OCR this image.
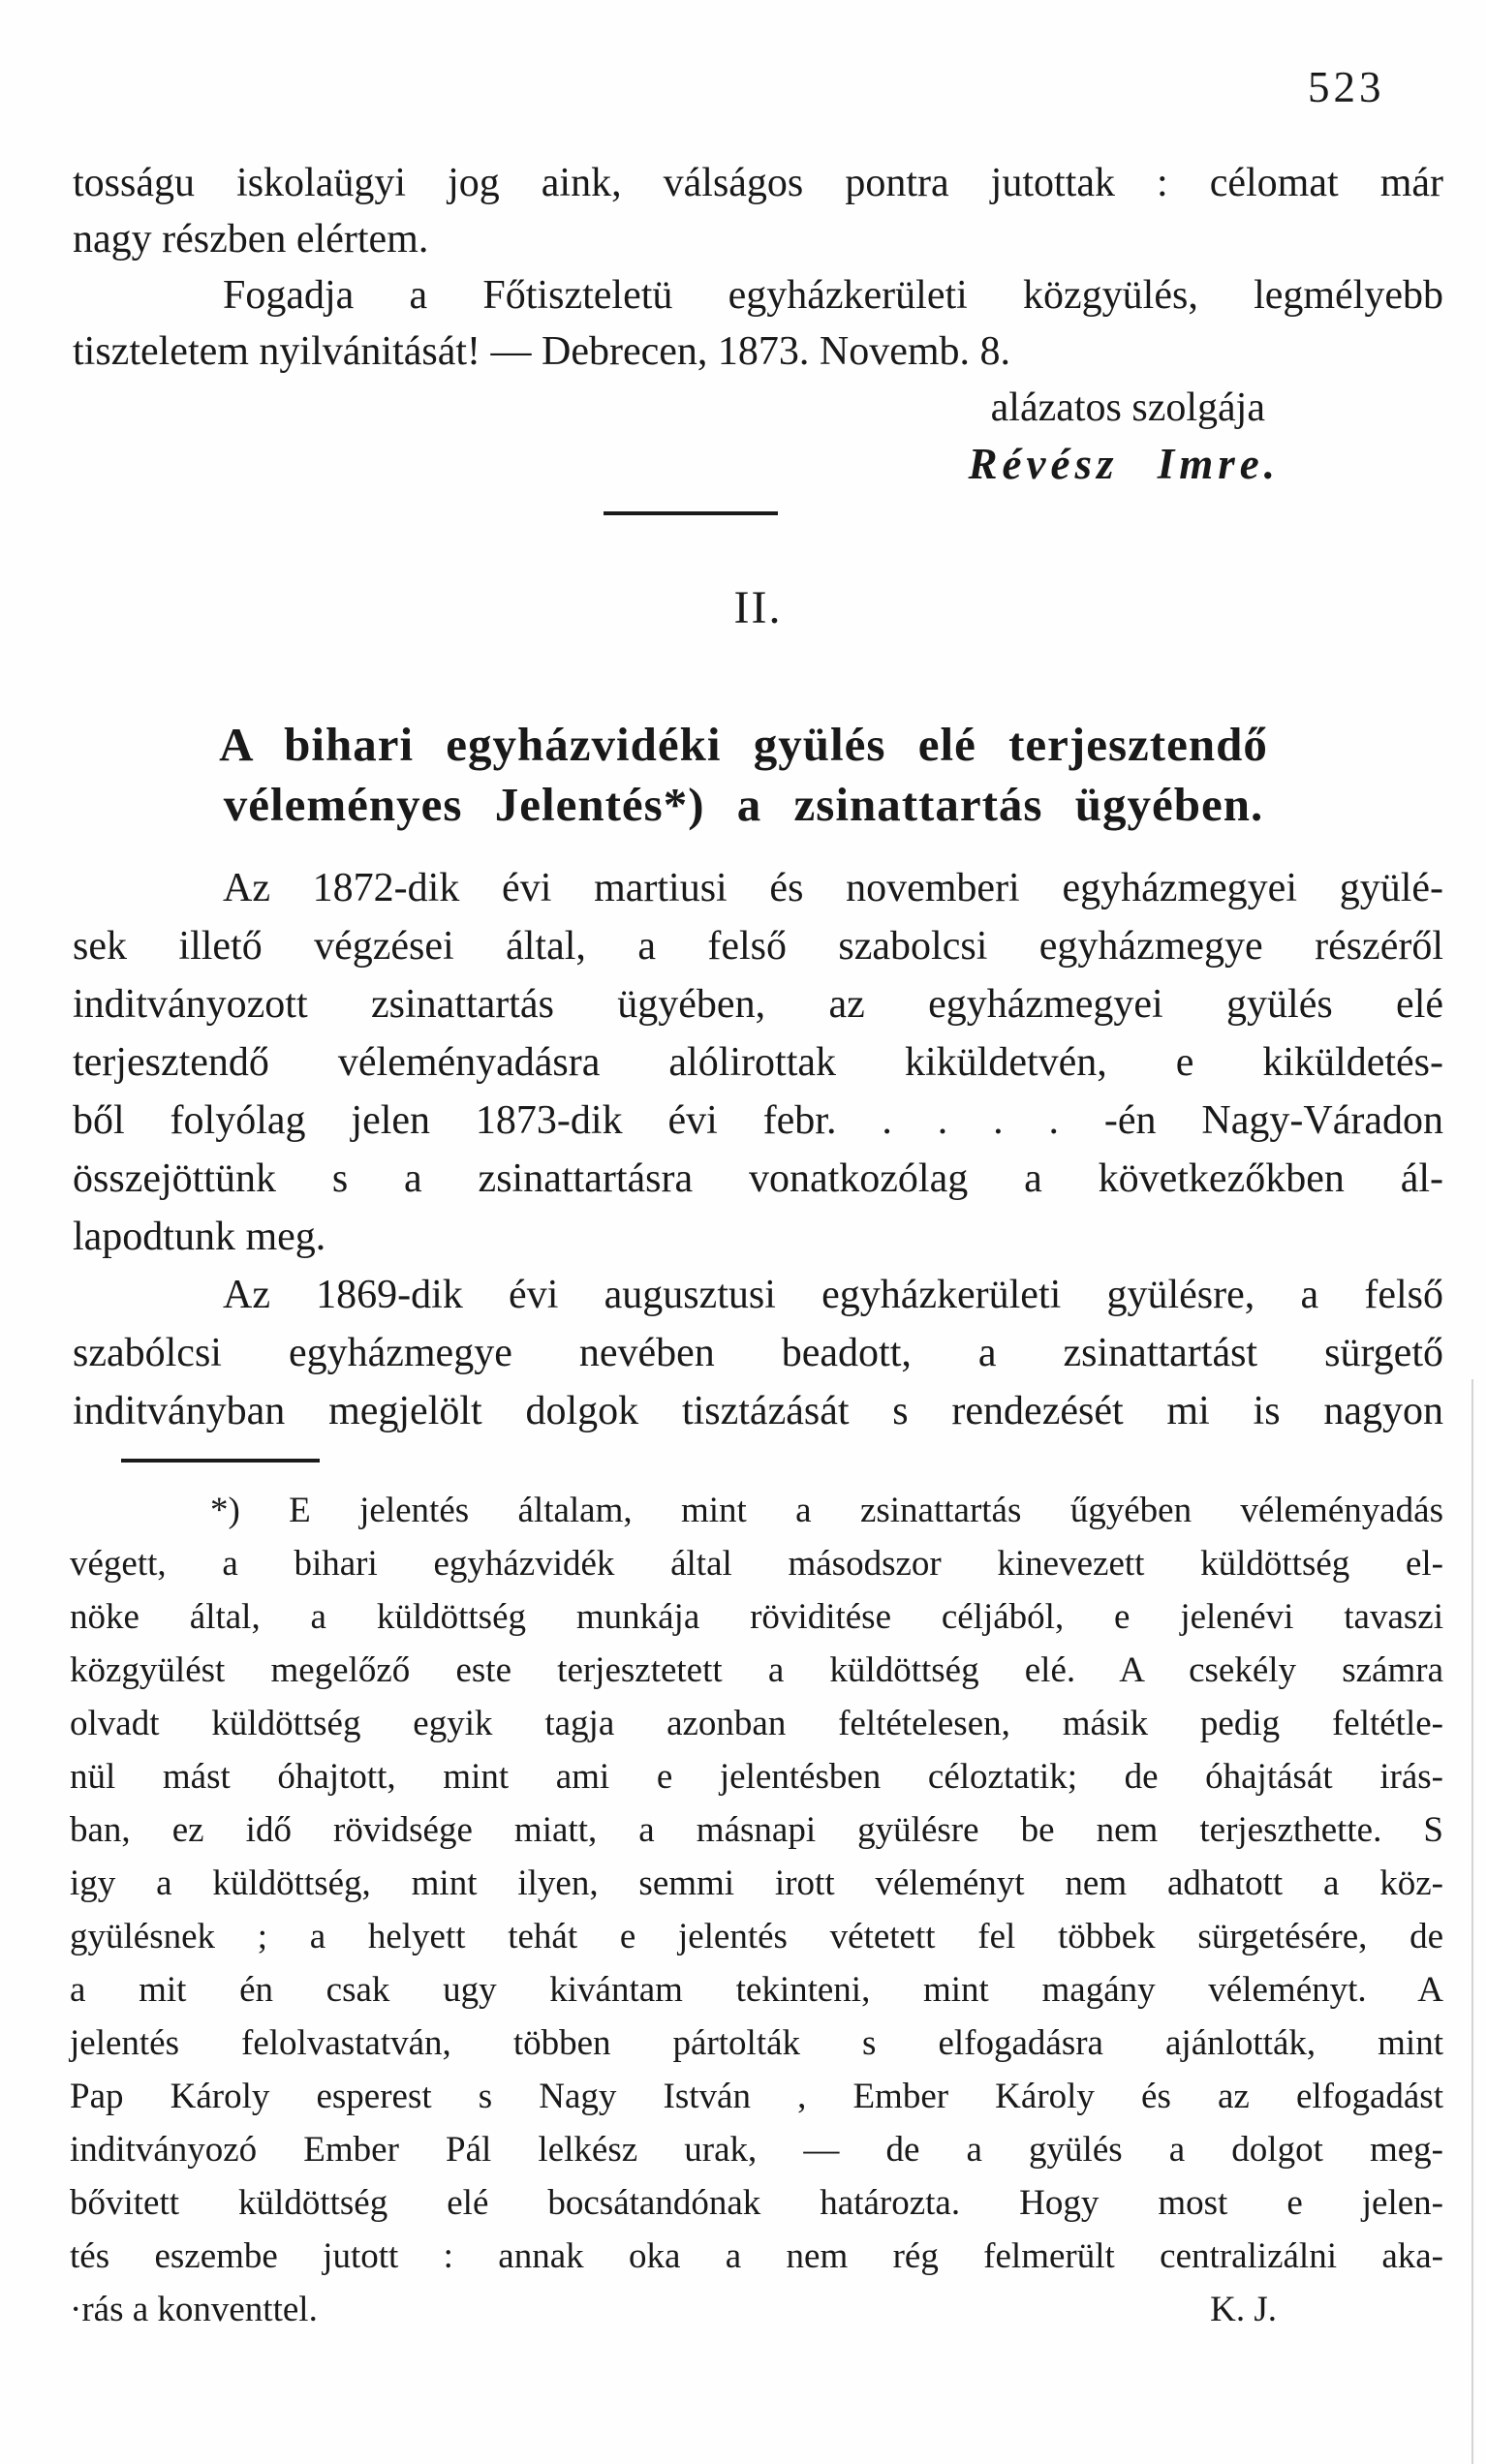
523
tosságu iskolaügyi jog aink, válságos pontra jutottak : célomat már
nagy részben elértem.
Fogadja a Főtiszteletü egyházkerületi közgyülés, legmélyebb
tiszteletem nyilvánitását! — Debrecen, 1873. Novemb. 8.
alázatos szolgája
Révész Imre.
II.
A bihari egyházvidéki gyülés elé terjesztendő
véleményes Jelentés*) a zsinattartás ügyében.
Az 1872-dik évi martiusi és novemberi egyházmegyei gyülé-
sek illető végzései által, a felső szabolcsi egyházmegye részéről
inditványozott zsinattartás ügyében, az egyházmegyei gyülés elé
terjesztendő véleményadásra alólirottak kiküldetvén, e kiküldetés-
ből folyólag jelen 1873-dik évi febr. . . . . -én Nagy-Váradon
összejöttünk s a zsinattartásra vonatkozólag a következőkben ál-
lapodtunk meg.
Az 1869-dik évi augusztusi egyházkerületi gyülésre, a felső
szabólcsi egyházmegye nevében beadott, a zsinattartást sürgető
inditványban megjelölt dolgok tisztázását s rendezését mi is nagyon
*) E jelentés általam, mint a zsinattartás űgyében véleményadás
végett, a bihari egyházvidék által másodszor kinevezett küldöttség el-
nöke által, a küldöttség munkája röviditése céljából, e jelenévi tavaszi
közgyülést megelőző este terjesztetett a küldöttség elé. A csekély számra
olvadt küldöttség egyik tagja azonban feltételesen, másik pedig feltétle-
nül mást óhajtott, mint ami e jelentésben céloztatik; de óhajtását irás-
ban, ez idő rövidsége miatt, a másnapi gyülésre be nem terjeszthette. S
igy a küldöttség, mint ilyen, semmi irott véleményt nem adhatott a köz-
gyülésnek ; a helyett tehát e jelentés vétetett fel többek sürgetésére, de
a mit én csak ugy kivántam tekinteni, mint magány véleményt. A
jelentés felolvastatván, többen pártolták s elfogadásra ajánlották, mint
Pap Károly esperest s Nagy István , Ember Károly és az elfogadást
inditványozó Ember Pál lelkész urak, — de a gyülés a dolgot meg-
bővitett küldöttség elé bocsátandónak határozta. Hogy most e jelen-
tés eszembe jutott : annak oka a nem rég felmerült centralizálni aka-
·rás a konventtel.	K. J.
